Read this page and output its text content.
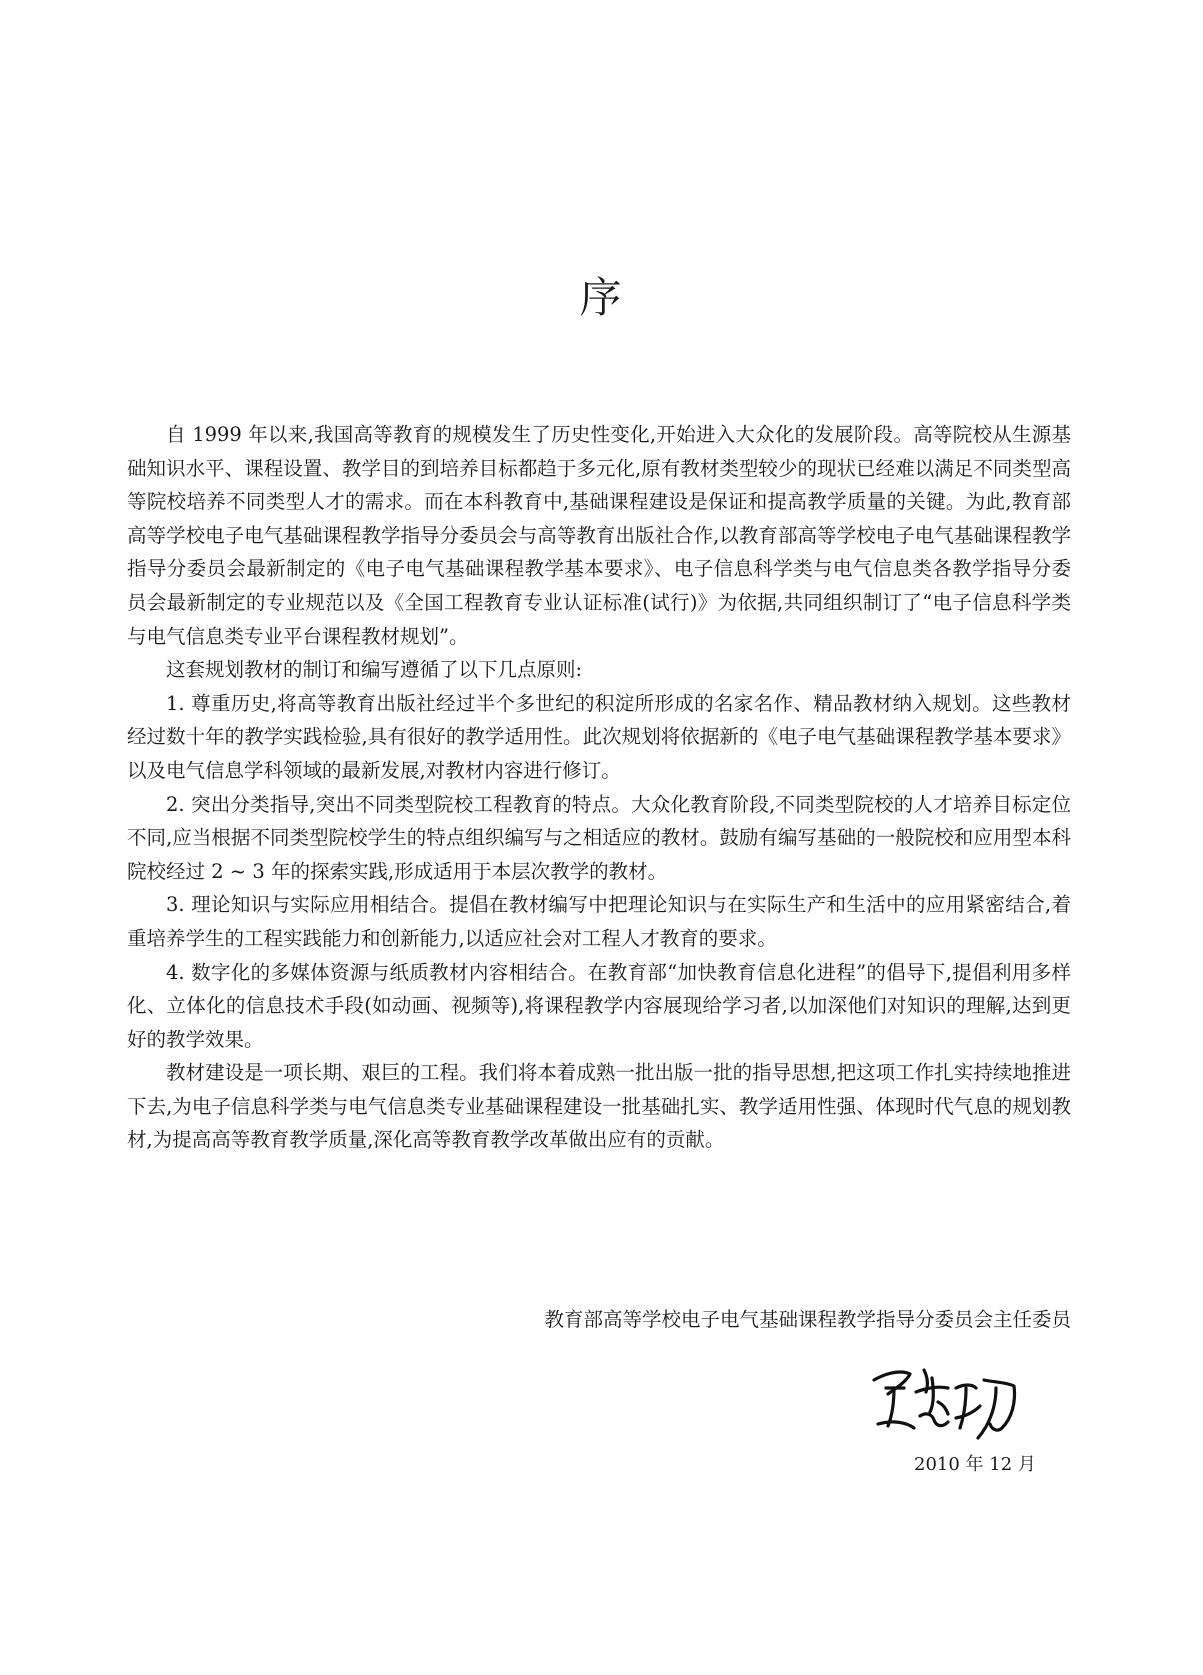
序

自 1999 年以来,我国高等教育的规模发生了历史性变化,开始进入大众化的发展阶段。高等院校从生源基础知识水平、课程设置、教学目的到培养目标都趋于多元化,原有教材类型较少的现状已经难以满足不同类型高等院校培养不同类型人才的需求。而在本科教育中,基础课程建设是保证和提高教学质量的关键。为此,教育部高等学校电子电气基础课程教学指导分委员会与高等教育出版社合作,以教育部高等学校电子电气基础课程教学指导分委员会最新制定的《电子电气基础课程教学基本要求》、电子信息科学类与电气信息类各教学指导分委员会最新制定的专业规范以及《全国工程教育专业认证标准(试行)》为依据,共同组织制订了“电子信息科学类与电气信息类专业平台课程教材规划”。

这套规划教材的制订和编写遵循了以下几点原则:

1. 尊重历史,将高等教育出版社经过半个多世纪的积淀所形成的名家名作、精品教材纳入规划。这些教材经过数十年的教学实践检验,具有很好的教学适用性。此次规划将依据新的《电子电气基础课程教学基本要求》以及电气信息学科领域的最新发展,对教材内容进行修订。

2. 突出分类指导,突出不同类型院校工程教育的特点。大众化教育阶段,不同类型院校的人才培养目标定位不同,应当根据不同类型院校学生的特点组织编写与之相适应的教材。鼓励有编写基础的一般院校和应用型本科院校经过 2 ~ 3 年的探索实践,形成适用于本层次教学的教材。

3. 理论知识与实际应用相结合。提倡在教材编写中把理论知识与在实际生产和生活中的应用紧密结合,着重培养学生的工程实践能力和创新能力,以适应社会对工程人才教育的要求。

4. 数字化的多媒体资源与纸质教材内容相结合。在教育部“加快教育信息化进程”的倡导下,提倡利用多样化、立体化的信息技术手段(如动画、视频等),将课程教学内容展现给学习者,以加深他们对知识的理解,达到更好的教学效果。

教材建设是一项长期、艰巨的工程。我们将本着成熟一批出版一批的指导思想,把这项工作扎实持续地推进下去,为电子信息科学类与电气信息类专业基础课程建设一批基础扎实、教学适用性强、体现时代气息的规划教材,为提高高等教育教学质量,深化高等教育教学改革做出应有的贡献。

教育部高等学校电子电气基础课程教学指导分委员会主任委员
2010 年 12 月
